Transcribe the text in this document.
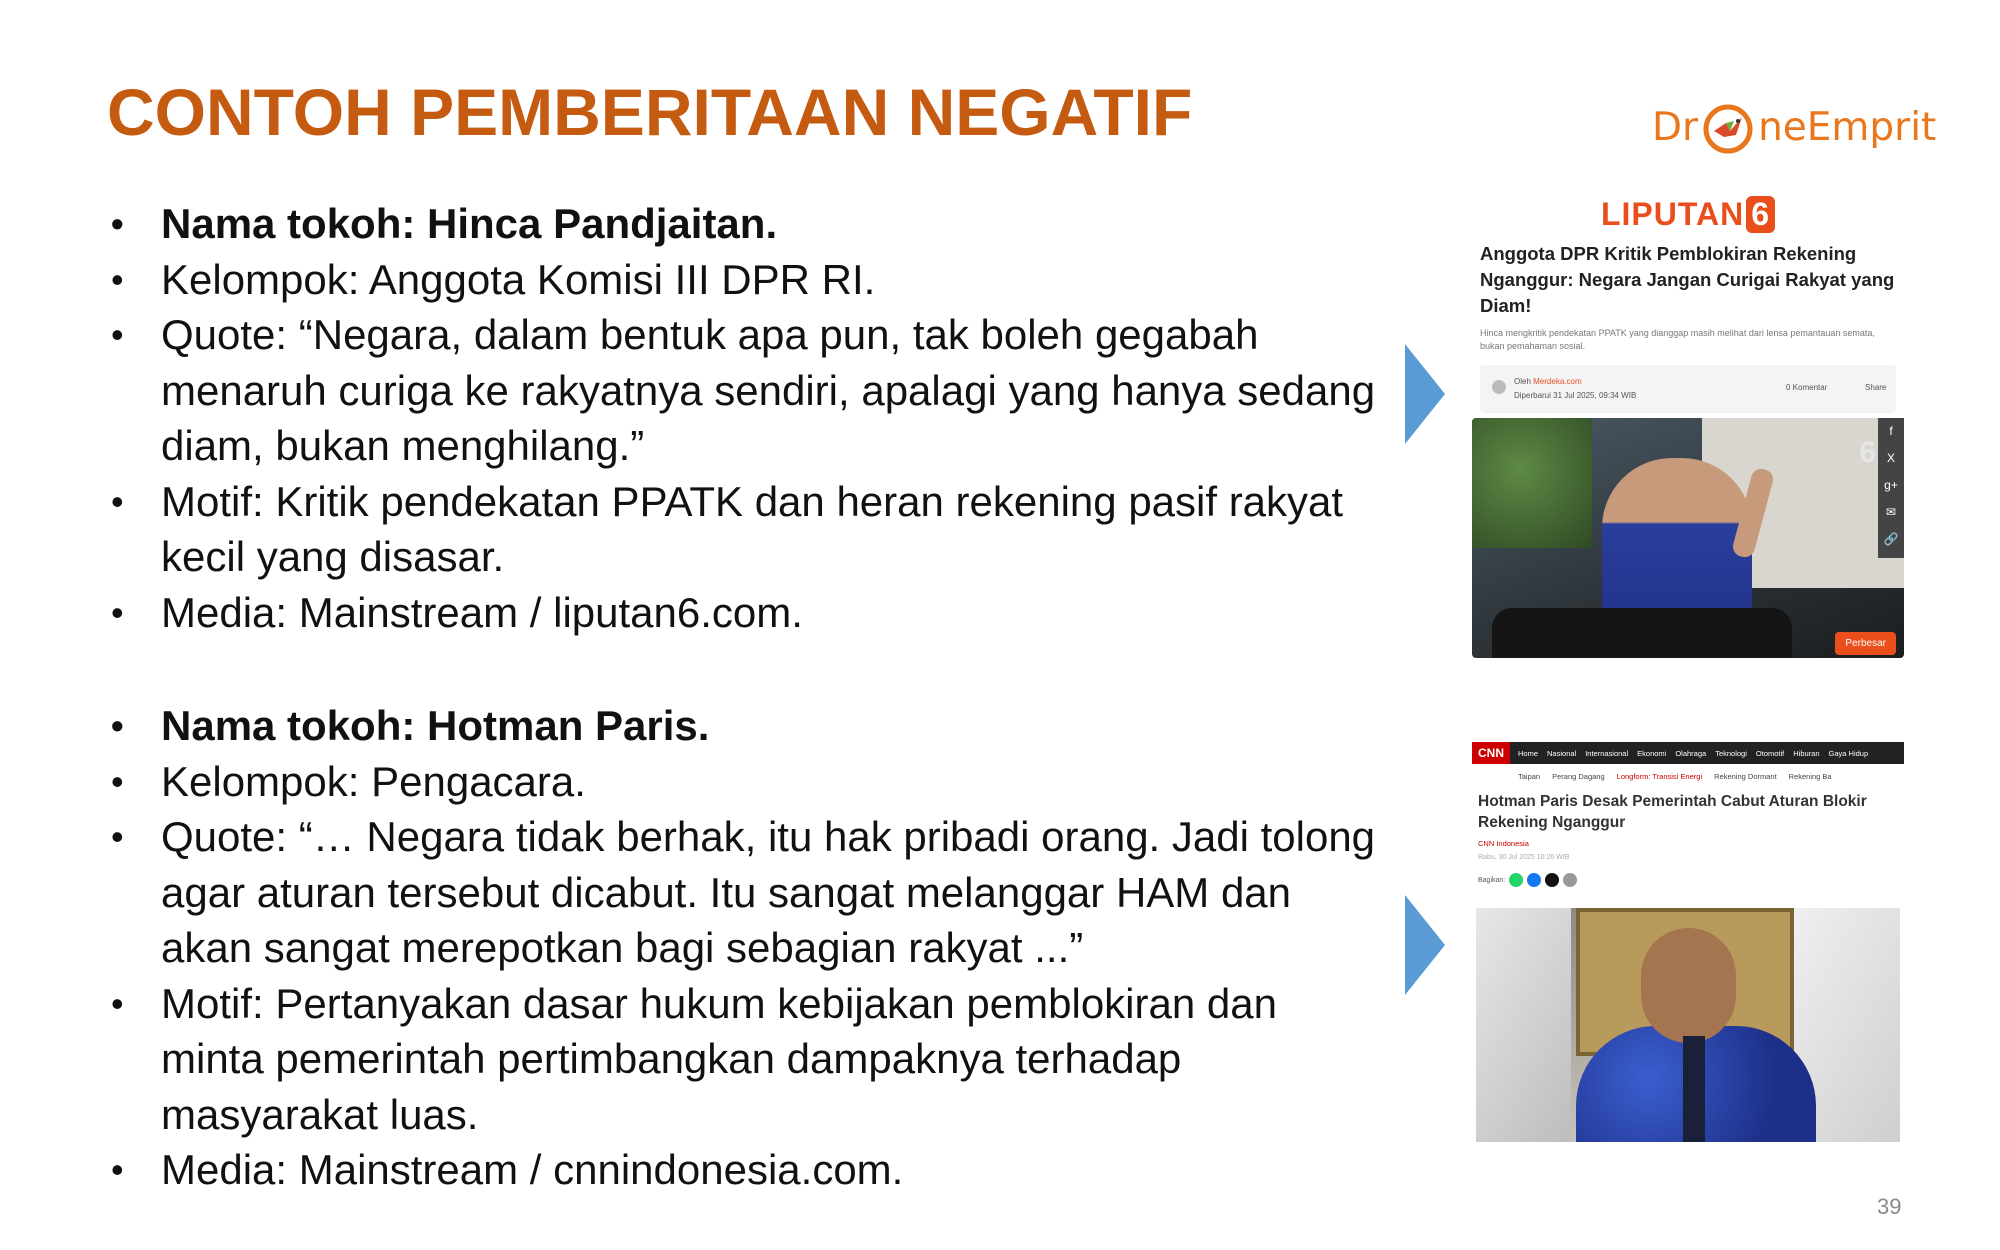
CONTOH PEMBERITAAN NEGATIF	Dr neEmprit
• Nama tokoh: Hinca Pandjaitan.
• Kelompok: Anggota Komisi III DPR RI.
• Quote: “Negara, dalam bentuk apa pun, tak boleh gegabah menaruh curiga ke rakyatnya sendiri, apalagi yang hanya sedang diam, bukan menghilang.”
• Motif: Kritik pendekatan PPATK dan heran rekening pasif rakyat kecil yang disasar.
• Media: Mainstream / liputan6.com.
• Nama tokoh: Hotman Paris.
• Kelompok: Pengacara.
• Quote: “… Negara tidak berhak, itu hak pribadi orang. Jadi tolong agar aturan tersebut dicabut. Itu sangat melanggar HAM dan akan sangat merepotkan bagi sebagian rakyat ...”
• Motif: Pertanyakan dasar hukum kebijakan pemblokiran dan minta pemerintah pertimbangkan dampaknya terhadap masyarakat luas.
• Media: Mainstream / cnnindonesia.com.
LIPUTAN 6
Anggota DPR Kritik Pemblokiran Rekening Nganggur: Negara Jangan Curigai Rakyat yang Diam!
Hinca mengkritik pendekatan PPATK yang dianggap masih melihat dari lensa pemantauan semata, bukan pemahaman sosial.
Oleh Merdeka.com
Diperbarui 31 Jul 2025, 09:34 WIB
0 Komentar	Share
6
f
X
g+
✉
🔗
Perbesar
CNN	Home Nasional Internasional Ekonomi Olahraga Teknologi Otomotif Hiburan Gaya Hidup
Taipan Perang Dagang Longform: Transisi Energi Rekening Dormant Rekening Ba
Hotman Paris Desak Pemerintah Cabut Aturan Blokir Rekening Nganggur
CNN Indonesia
Rabu, 30 Jul 2025 10:26 WIB
Bagikan:
39
